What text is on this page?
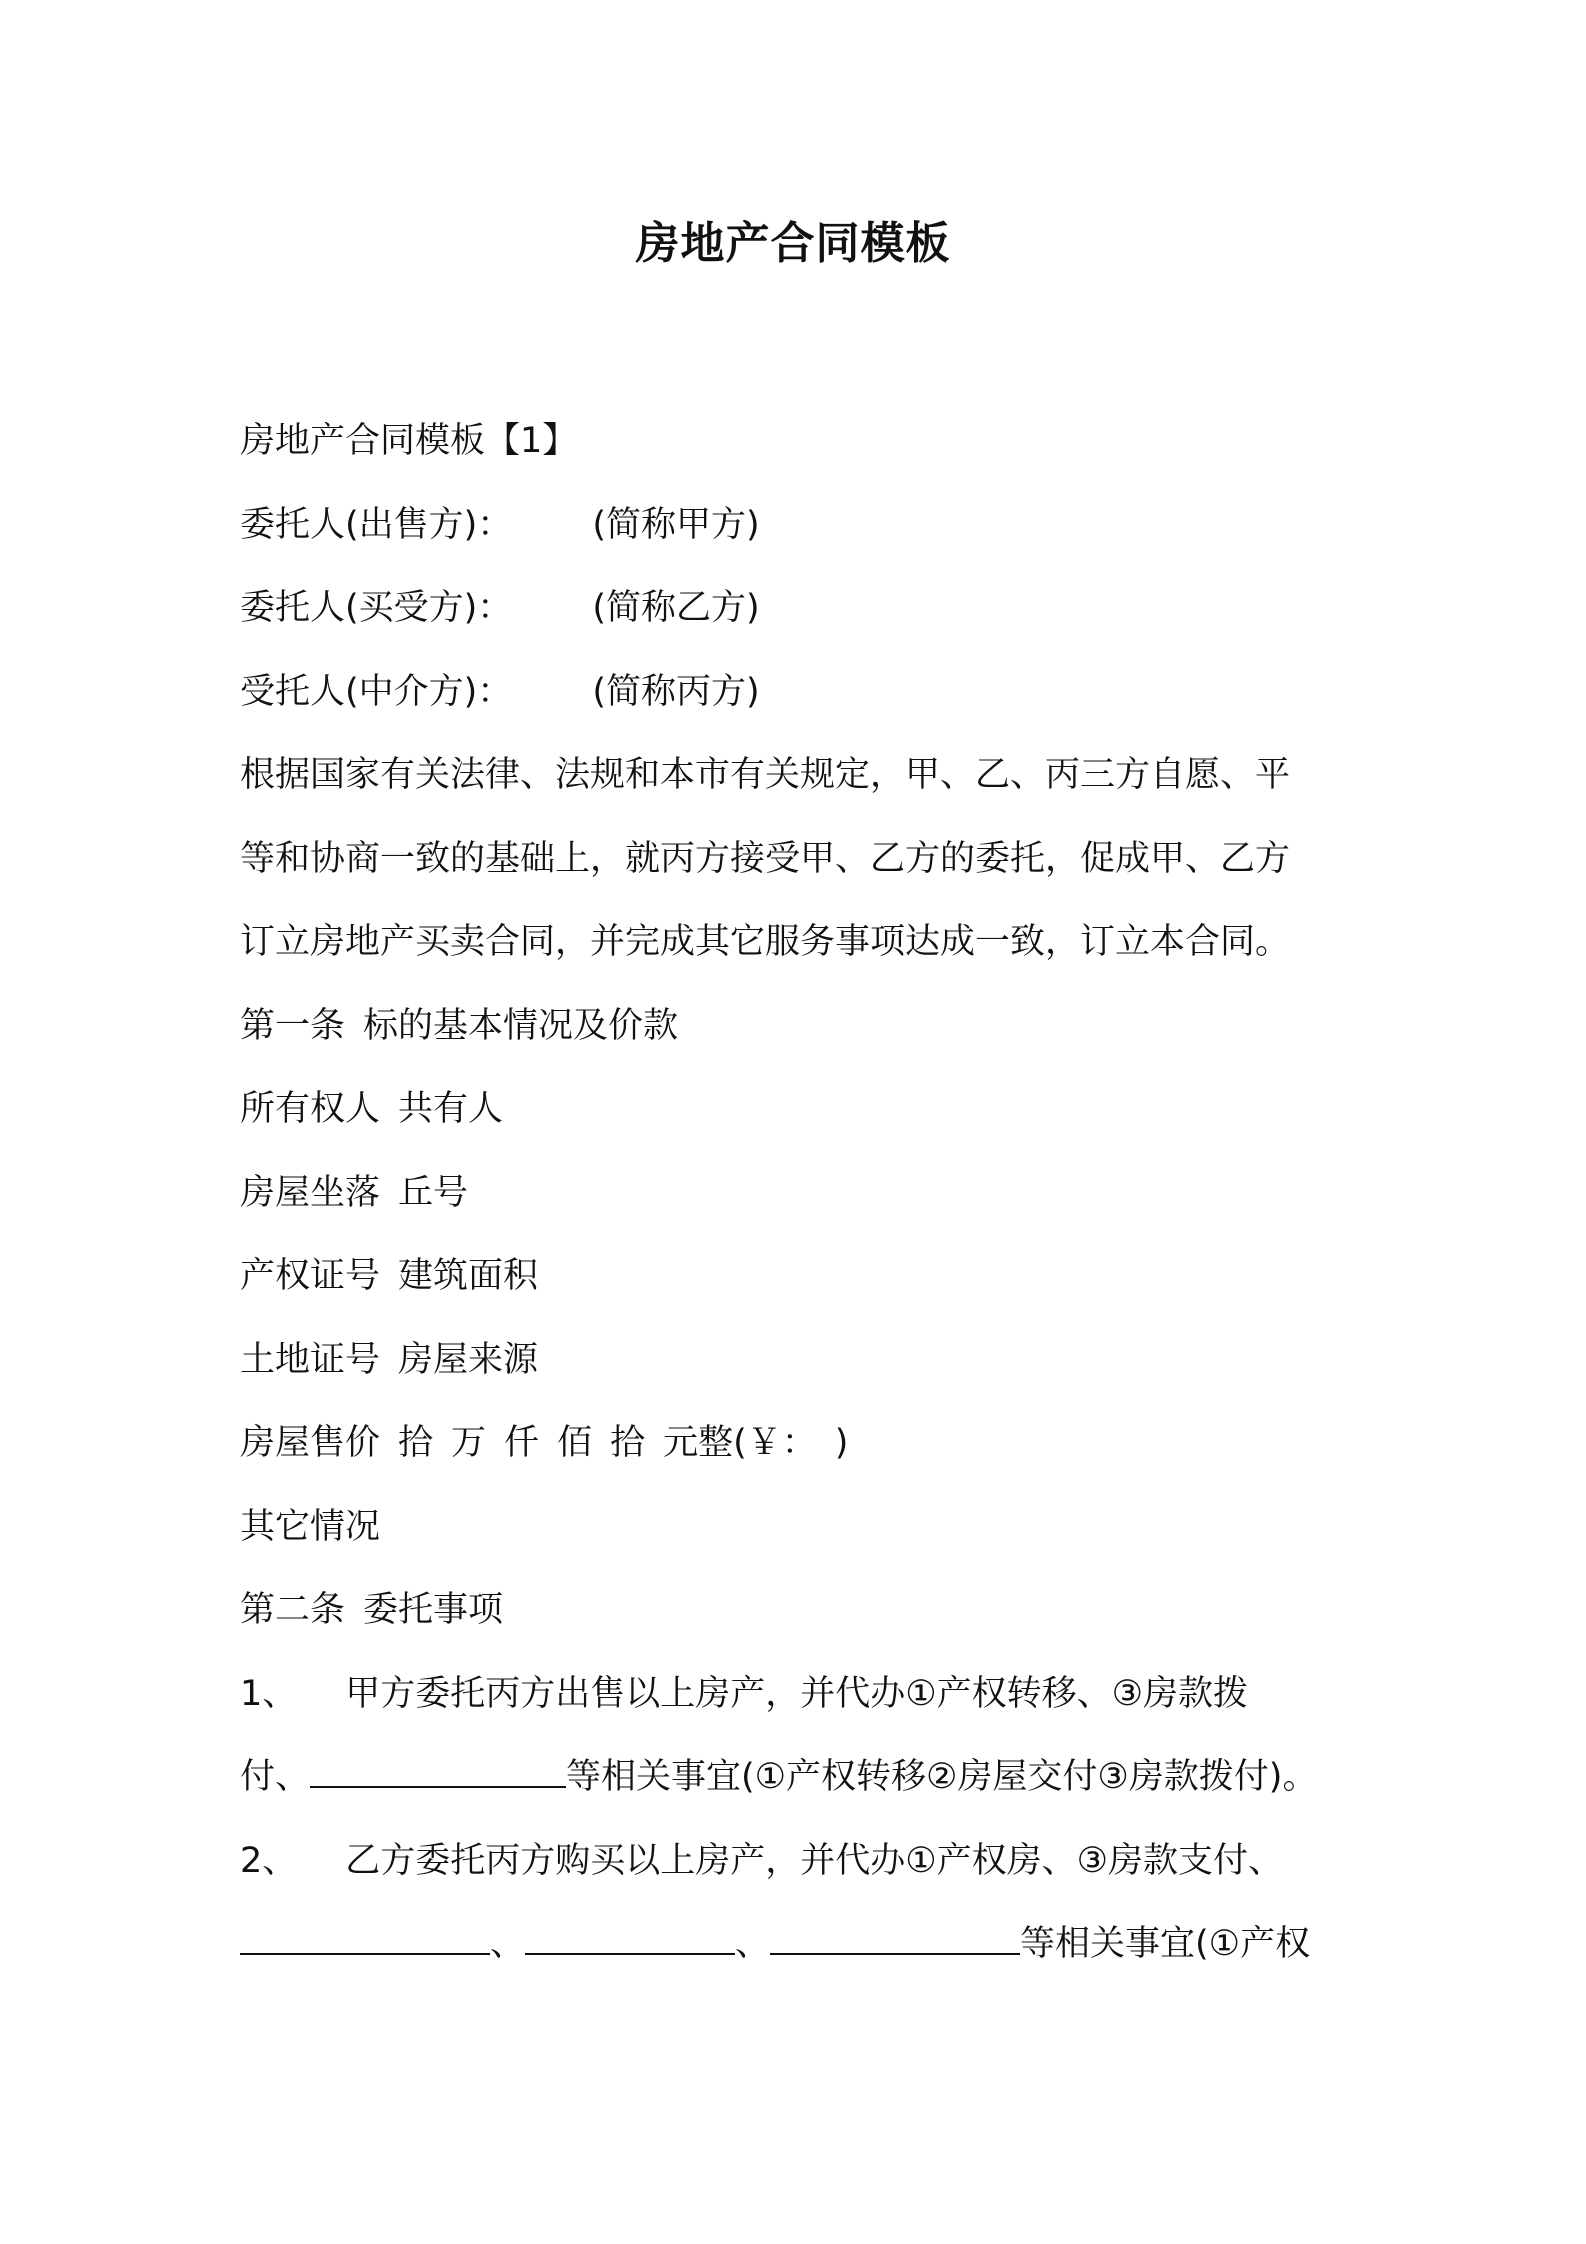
房地产合同模板
房地产合同模板【1】
委托人(出售方)： (简称甲方)
委托人(买受方)： (简称乙方)
受托人(中介方)： (简称丙方)
根据国家有关法律、法规和本市有关规定，甲、乙、丙三方自愿、平
等和协商一致的基础上，就丙方接受甲、乙方的委托，促成甲、乙方
订立房地产买卖合同，并完成其它服务事项达成一致，订立本合同。
第一条 标的基本情况及价款
所有权人 共有人
房屋坐落 丘号
产权证号 建筑面积
土地证号 房屋来源
房屋售价 拾 万 仟 佰 拾 元整(￥： )
其它情况
第二条 委托事项
1、 甲方委托丙方出售以上房产，并代办①产权转移、③房款拨
付、	等相关事宜(①产权转移②房屋交付③房款拨付)。
2、 乙方委托丙方购买以上房产，并代办①产权房、③房款支付、
、	、	等相关事宜(①产权
